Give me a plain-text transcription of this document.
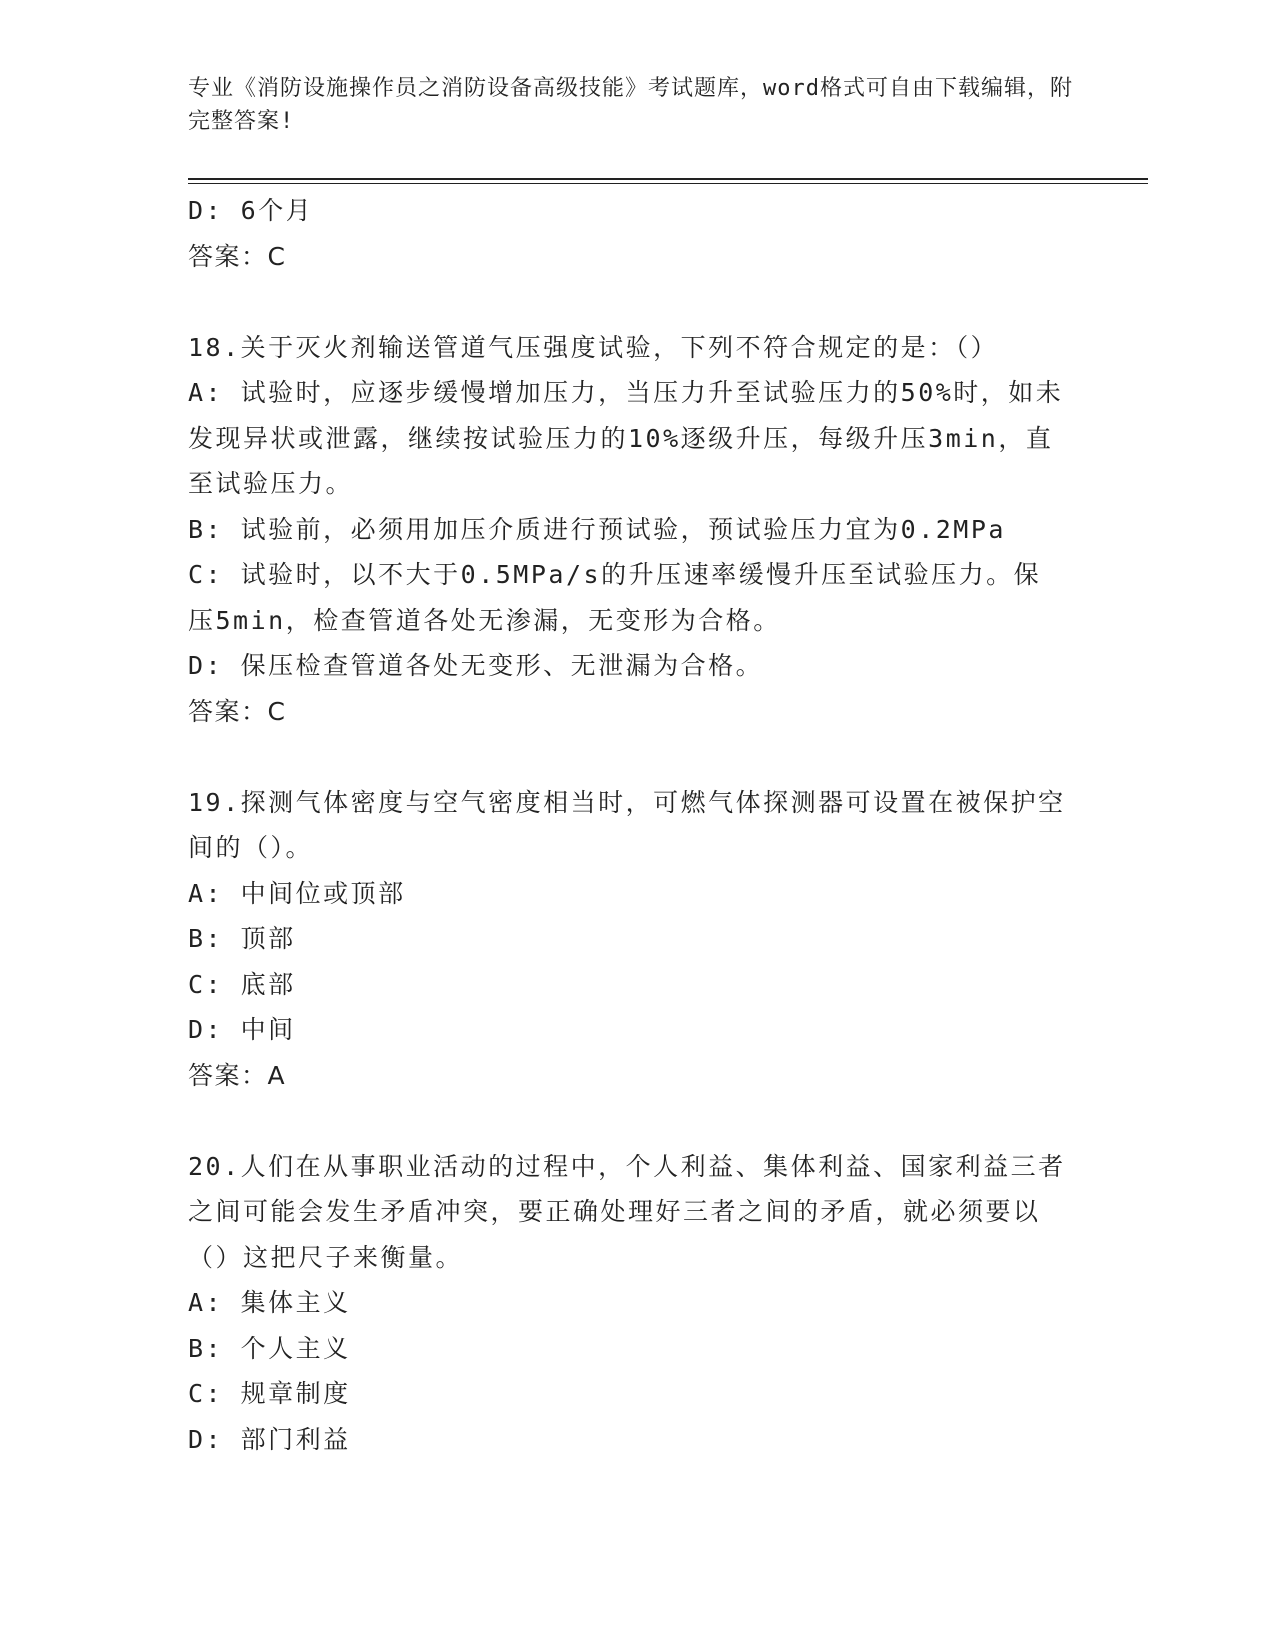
专业《消防设施操作员之消防设备高级技能》考试题库，word格式可自由下载编辑，附完整答案!
D: 6个月
答案：C
18.关于灭火剂输送管道气压强度试验，下列不符合规定的是：（）
A: 试验时，应逐步缓慢增加压力，当压力升至试验压力的50%时，如未发现异状或泄露，继续按试验压力的10%逐级升压，每级升压3min，直至试验压力。
B: 试验前，必须用加压介质进行预试验，预试验压力宜为0.2MPa
C: 试验时，以不大于0.5MPa/s的升压速率缓慢升压至试验压力。保压5min，检查管道各处无渗漏，无变形为合格。
D: 保压检查管道各处无变形、无泄漏为合格。
答案：C
19.探测气体密度与空气密度相当时，可燃气体探测器可设置在被保护空间的（）。
A: 中间位或顶部
B: 顶部
C: 底部
D: 中间
答案：A
20.人们在从事职业活动的过程中，个人利益、集体利益、国家利益三者之间可能会发生矛盾冲突，要正确处理好三者之间的矛盾，就必须要以（）这把尺子来衡量。
A: 集体主义
B: 个人主义
C: 规章制度
D: 部门利益
